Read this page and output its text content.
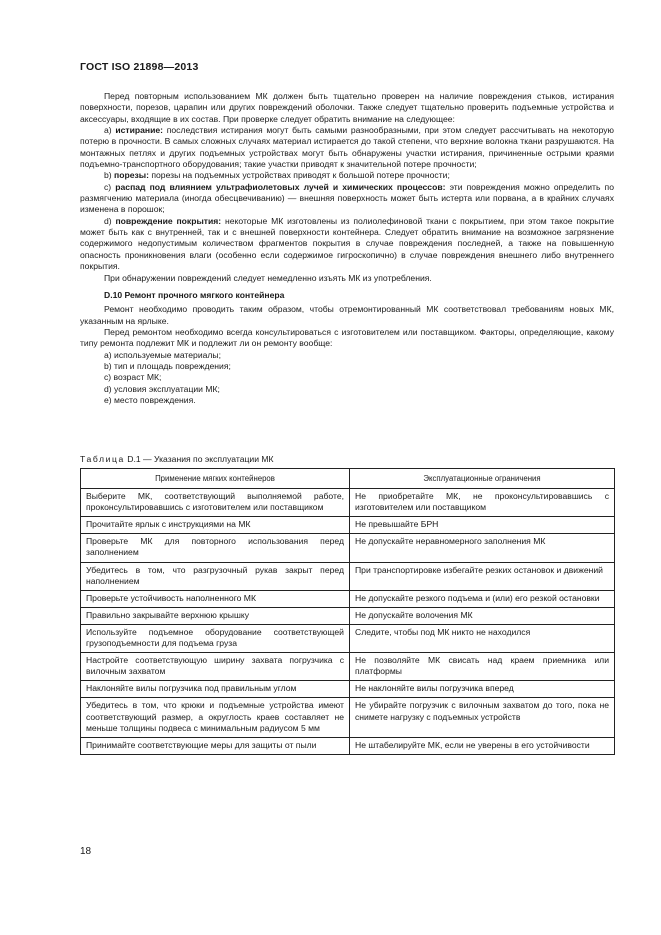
ГОСТ ISO 21898—2013

Перед повторным использованием МК должен быть тщательно проверен на наличие повреждения стыков, истирания поверхности, порезов, царапин или других повреждений оболочки. Также следует тщательно проверить подъемные устройства и аксессуары, входящие в их состав. При проверке следует обратить внимание на следующее:

а) истирание: последствия истирания могут быть самыми разнообразными, при этом следует рассчитывать на некоторую потерю в прочности. В самых сложных случаях материал истирается до такой степени, что верхние волокна ткани разрушаются. На монтажных петлях и других подъемных устройствах могут быть обнаружены участки истирания, причиненные острыми краями подъемно-транспортного оборудования; такие участки приводят к значительной потере прочности;

b) порезы: порезы на подъемных устройствах приводят к большой потере прочности;

c) распад под влиянием ультрафиолетовых лучей и химических процессов: эти повреждения можно определить по размягчению материала (иногда обесцвечиванию) — внешняя поверхность может быть истерта или порвана, а в крайних случаях изменена в порошок;

d) повреждение покрытия: некоторые МК изготовлены из полиолефиновой ткани с покрытием, при этом такое покрытие может быть как с внутренней, так и с внешней поверхности контейнера. Следует обратить внимание на возможное загрязнение содержимого недопустимым количеством фрагментов покрытия в случае повреждения последней, а также на повышенную опасность проникновения влаги (особенно если содержимое гигроскопично) в случае повреждения внешнего либо внутреннего покрытия.

При обнаружении повреждений следует немедленно изъять МК из употребления.

D.10 Ремонт прочного мягкого контейнера

Ремонт необходимо проводить таким образом, чтобы отремонтированный МК соответствовал требованиям новых МК, указанным на ярлыке.

Перед ремонтом необходимо всегда консультироваться с изготовителем или поставщиком. Факторы, определяющие, какому типу ремонта подлежит МК и подлежит ли он ремонту вообще:

а) используемые материалы;

b) тип и площадь повреждения;

c) возраст МК;

d) условия эксплуатации МК;

e) место повреждения.

Таблица D.1 — Указания по эксплуатации МК
Применение мягких контейнеров	Эксплуатационные ограничения
Выберите МК, соответствующий выполняемой работе, проконсультировавшись с изготовителем или поставщиком	Не приобретайте МК, не проконсультировавшись с изготовителем или поставщиком
Прочитайте ярлык с инструкциями на МК	Не превышайте БРН
Проверьте МК для повторного использования перед заполнением	Не допускайте неравномерного заполнения МК
Убедитесь в том, что разгрузочный рукав закрыт перед наполнением	При транспортировке избегайте резких остановок и движений
Проверьте устойчивость наполненного МК	Не допускайте резкого подъема и (или) его резкой остановки
Правильно закрывайте верхнюю крышку	Не допускайте волочения МК
Используйте подъемное оборудование соответствующей грузоподъемности для подъема груза	Следите, чтобы под МК никто не находился
Настройте соответствующую ширину захвата погрузчика с вилочным захватом	Не позволяйте МК свисать над краем приемника или платформы
Наклоняйте вилы погрузчика под правильным углом	Не наклоняйте вилы погрузчика вперед
Убедитесь в том, что крюки и подъемные устройства имеют соответствующий размер, а округлость краев составляет не меньше толщины подвеса с минимальным радиусом 5 мм	Не убирайте погрузчик с вилочным захватом до того, пока не снимете нагрузку с подъемных устройств
Принимайте соответствующие меры для защиты от пыли	Не штабелируйте МК, если не уверены в его устойчивости
18
